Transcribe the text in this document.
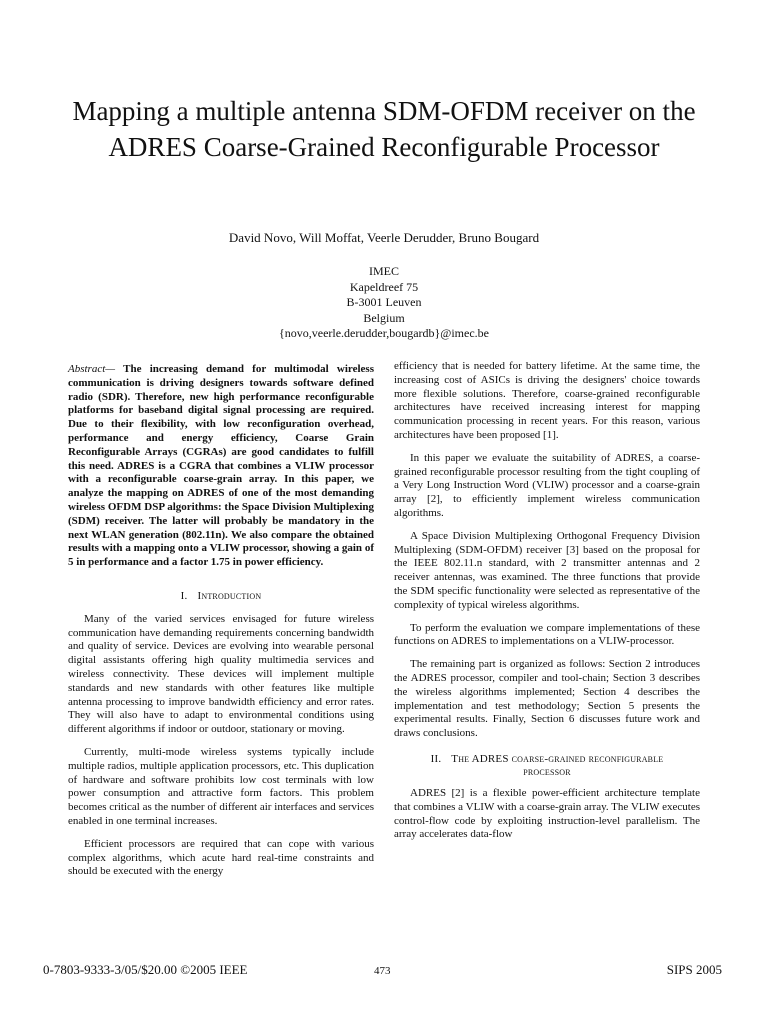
Mapping a multiple antenna SDM-OFDM receiver on the ADRES Coarse-Grained Reconfigurable Processor
David Novo, Will Moffat, Veerle Derudder, Bruno Bougard
IMEC
Kapeldreef 75
B-3001 Leuven
Belgium
{novo,veerle.derudder,bougardb}@imec.be

Abstract— The increasing demand for multimodal wireless communication is driving designers towards software defined radio (SDR). Therefore, new high performance reconfigurable platforms for baseband digital signal processing are required. Due to their flexibility, with low reconfiguration overhead, performance and energy efficiency, Coarse Grain Reconfigurable Arrays (CGRAs) are good candidates to fulfill this need. ADRES is a CGRA that combines a VLIW processor with a reconfigurable coarse-grain array. In this paper, we analyze the mapping on ADRES of one of the most demanding wireless OFDM DSP algorithms: the Space Division Multiplexing (SDM) receiver. The latter will probably be mandatory in the next WLAN generation (802.11n). We also compare the obtained results with a mapping onto a VLIW processor, showing a gain of 5 in performance and a factor 1.75 in power efficiency.

I. Introduction

Many of the varied services envisaged for future wireless communication have demanding requirements concerning bandwidth and quality of service. Devices are evolving into wearable personal digital assistants offering high quality multimedia services and wireless connectivity. These devices will implement multiple standards and new standards with other features like multiple antenna processing to improve bandwidth efficiency and error rates. They will also have to adapt to environmental conditions using different algorithms if indoor or outdoor, stationary or moving.

Currently, multi-mode wireless systems typically include multiple radios, multiple application processors, etc. This duplication of hardware and software prohibits low cost terminals with low power consumption and attractive form factors. This problem becomes critical as the number of different air interfaces and services enabled in one terminal increases.

Efficient processors are required that can cope with various complex algorithms, which acute hard real-time constraints and should be executed with the energy

efficiency that is needed for battery lifetime. At the same time, the increasing cost of ASICs is driving the designers' choice towards more flexible solutions. Therefore, coarse-grained reconfigurable architectures have received increasing interest for mapping communication processing in recent years. For this reason, various architectures have been proposed [1].

In this paper we evaluate the suitability of ADRES, a coarse-grained reconfigurable processor resulting from the tight coupling of a Very Long Instruction Word (VLIW) processor and a coarse-grain array [2], to efficiently implement wireless communication algorithms.

A Space Division Multiplexing Orthogonal Frequency Division Multiplexing (SDM-OFDM) receiver [3] based on the proposal for the IEEE 802.11.n standard, with 2 transmitter antennas and 2 receiver antennas, was examined. The three functions that provide the SDM specific functionality were selected as representative of the complexity of typical wireless algorithms.

To perform the evaluation we compare implementations of these functions on ADRES to implementations on a VLIW-processor.

The remaining part is organized as follows: Section 2 introduces the ADRES processor, compiler and tool-chain; Section 3 describes the wireless algorithms implemented; Section 4 describes the implementation and test methodology; Section 5 presents the experimental results. Finally, Section 6 discusses future work and draws conclusions.

II. The ADRES coarse-grained reconfigurable
processor

ADRES [2] is a flexible power-efficient architecture template that combines a VLIW with a coarse-grain array. The VLIW executes control-flow code by exploiting instruction-level parallelism. The array accelerates data-flow

0-7803-9333-3/05/$20.00 ©2005 IEEE	473	SIPS 2005
